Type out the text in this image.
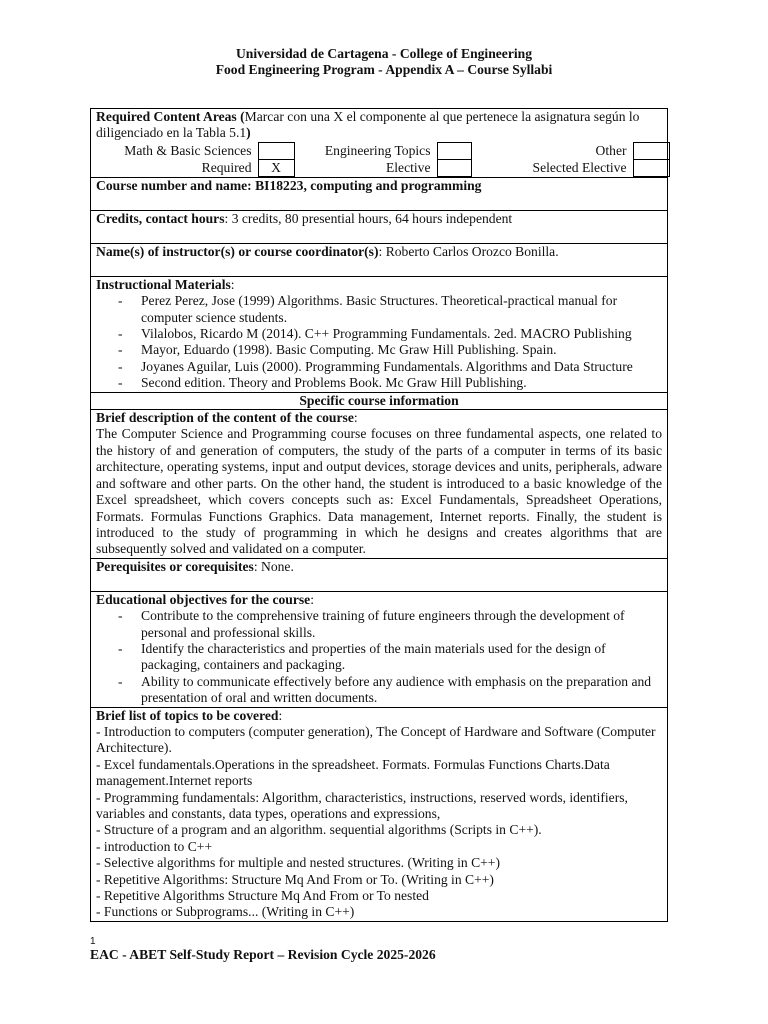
Universidad de Cartagena - College of Engineering
Food Engineering Program - Appendix A – Course Syllabi
Required Content Areas (Marcar con una X el componente al que pertenece la asignatura según lo diligenciado en la Tabla 5.1)
Math & Basic Sciences		Engineering Topics		Other	
Required	X	Elective		Selected Elective	

Course number and name: BI18223, computing and programming
Credits, contact hours: 3 credits, 80 presential hours, 64 hours independent
Name(s) of instructor(s) or course coordinator(s): Roberto Carlos Orozco Bonilla.

Instructional Materials:
- Perez Perez, Jose (1999) Algorithms. Basic Structures. Theoretical-practical manual for computer science students.
- Vilalobos, Ricardo M (2014). C++ Programming Fundamentals. 2ed. MACRO Publishing
- Mayor, Eduardo (1998). Basic Computing. Mc Graw Hill Publishing. Spain.
- Joyanes Aguilar, Luis (2000). Programming Fundamentals. Algorithms and Data Structure
- Second edition. Theory and Problems Book. Mc Graw Hill Publishing.

Specific course information

Brief description of the content of the course:
The Computer Science and Programming course focuses on three fundamental aspects, one related to the history of and generation of computers, the study of the parts of a computer in terms of its basic architecture, operating systems, input and output devices, storage devices and units, peripherals, adware and software and other parts. On the other hand, the student is introduced to a basic knowledge of the Excel spreadsheet, which covers concepts such as: Excel Fundamentals, Spreadsheet Operations, Formats. Formulas Functions Graphics. Data management, Internet reports. Finally, the student is introduced to the study of programming in which he designs and creates algorithms that are subsequently solved and validated on a computer.

Perequisites or corequisites: None.

Educational objectives for the course:
- Contribute to the comprehensive training of future engineers through the development of personal and professional skills.
- Identify the characteristics and properties of the main materials used for the design of packaging, containers and packaging.
- Ability to communicate effectively before any audience with emphasis on the preparation and presentation of oral and written documents.

Brief list of topics to be covered:
- Introduction to computers (computer generation), The Concept of Hardware and Software (Computer Architecture).
- Excel fundamentals.Operations in the spreadsheet. Formats. Formulas Functions Charts.Data management.Internet reports
- Programming fundamentals: Algorithm, characteristics, instructions, reserved words, identifiers, variables and constants, data types, operations and expressions,
- Structure of a program and an algorithm. sequential algorithms (Scripts in C++).
- introduction to C++
- Selective algorithms for multiple and nested structures. (Writing in C++)
- Repetitive Algorithms: Structure Mq And From or To. (Writing in C++)
- Repetitive Algorithms Structure Mq And From or To nested
- Functions or Subprograms... (Writing in C++)
1
EAC - ABET Self-Study Report – Revision Cycle 2025-2026
